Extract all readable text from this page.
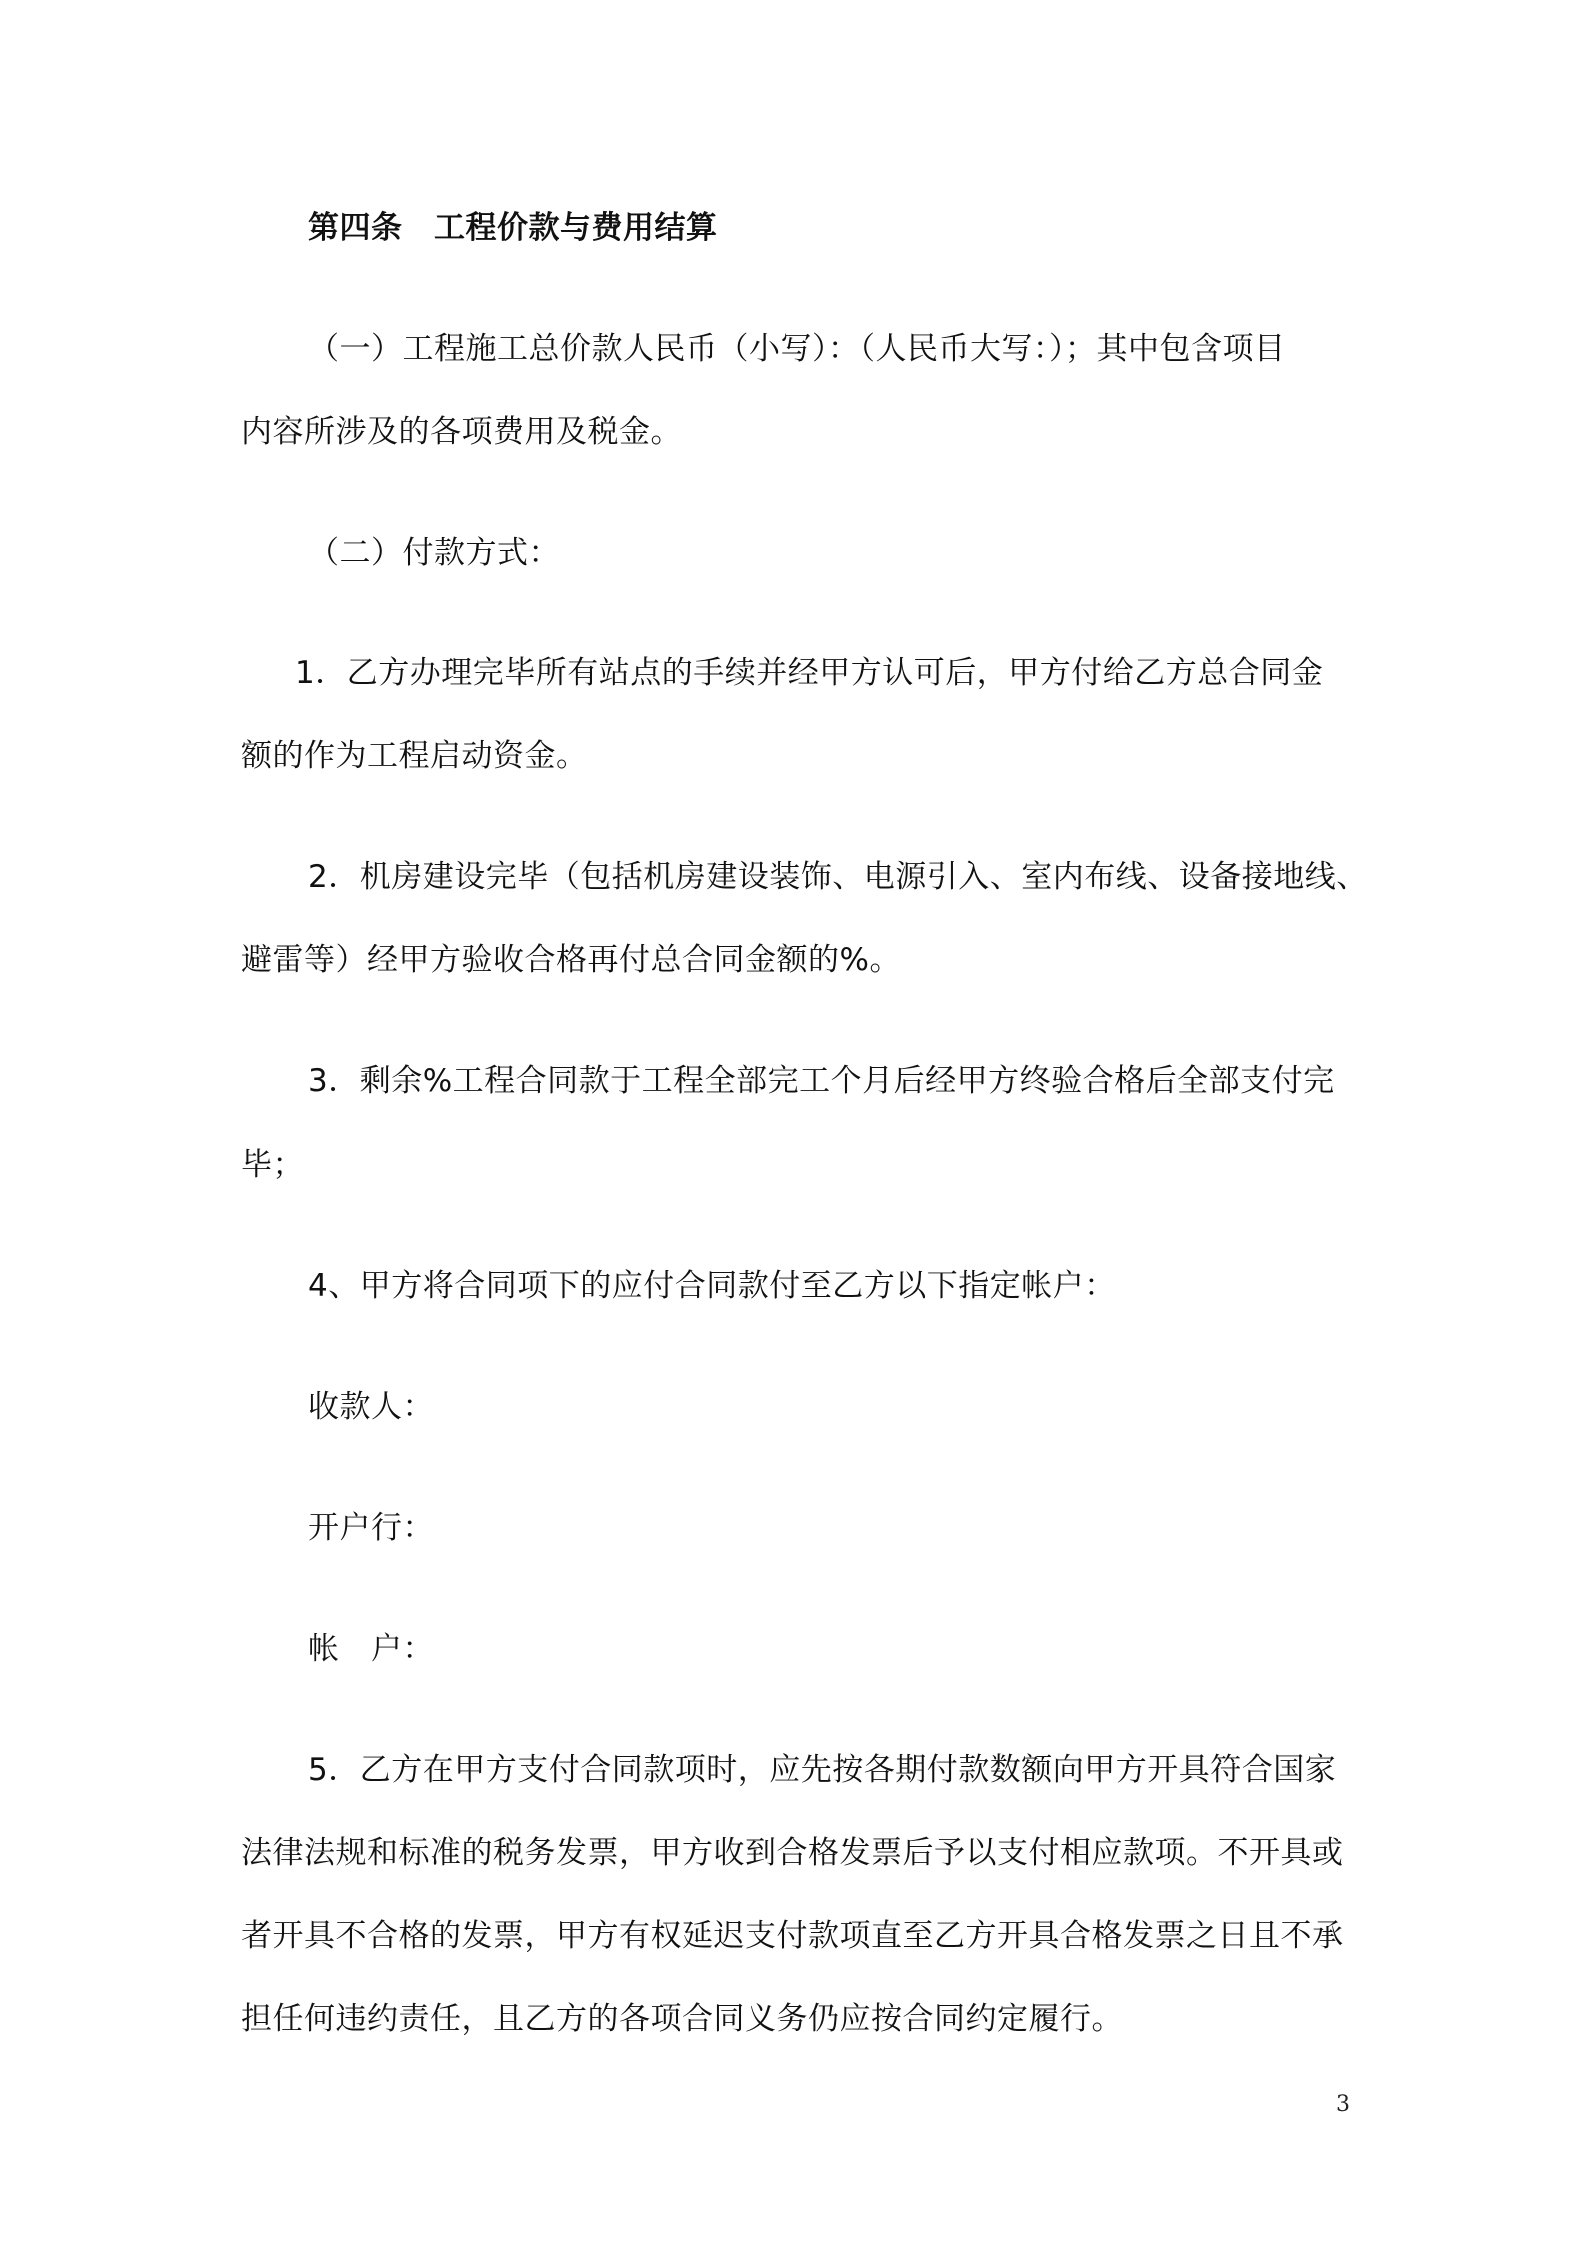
第四条　工程价款与费用结算

（一）工程施工总价款人民币（小写）：（人民币大写：）；其中包含项目

内容所涉及的各项费用及税金。

（二）付款方式：

1．乙方办理完毕所有站点的手续并经甲方认可后，甲方付给乙方总合同金

额的作为工程启动资金。

2．机房建设完毕（包括机房建设装饰、电源引入、室内布线、设备接地线、

避雷等）经甲方验收合格再付总合同金额的%。

3．剩余%工程合同款于工程全部完工个月后经甲方终验合格后全部支付完

毕；

4、甲方将合同项下的应付合同款付至乙方以下指定帐户：

收款人：

开户行：

帐　户：

5．乙方在甲方支付合同款项时，应先按各期付款数额向甲方开具符合国家

法律法规和标准的税务发票，甲方收到合格发票后予以支付相应款项。不开具或

者开具不合格的发票，甲方有权延迟支付款项直至乙方开具合格发票之日且不承

担任何违约责任，且乙方的各项合同义务仍应按合同约定履行。

3
